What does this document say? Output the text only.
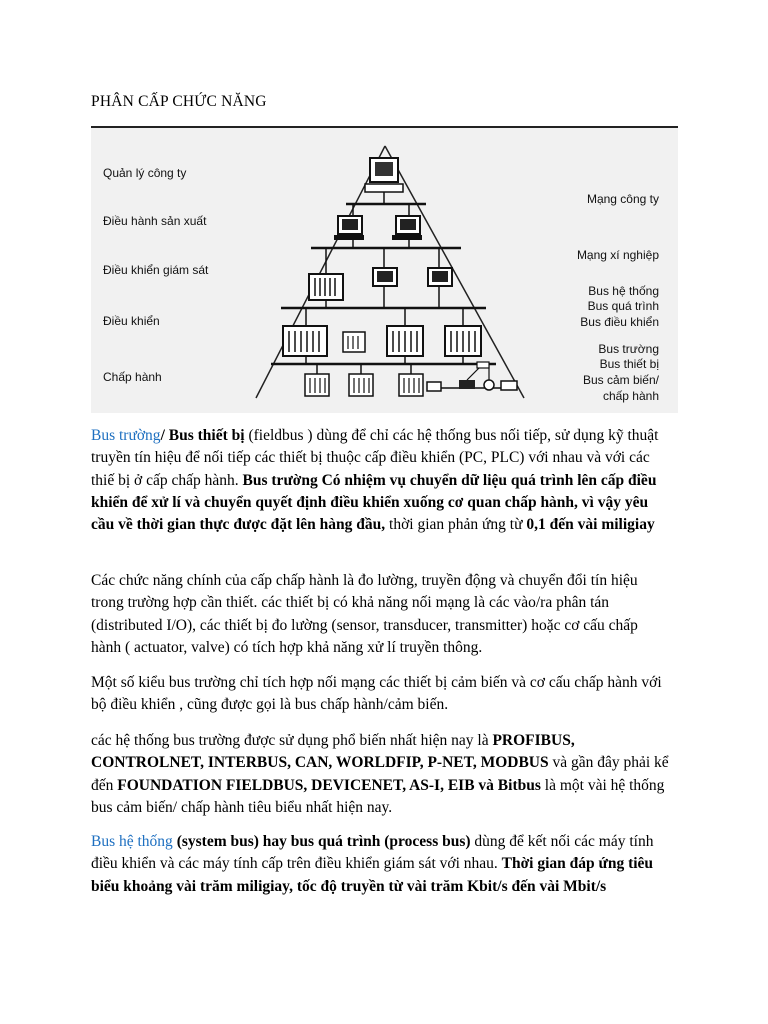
PHÂN CẤP CHỨC NĂNG
Quản lý công ty
Điều hành sản xuất
Điều khiển giám sát
Điều khiển
Chấp hành
Mạng công ty
Mạng xí nghiệp
Bus hệ thống
Bus quá trình
Bus điều khiển
Bus trường
Bus thiết bị
Bus cảm biến/
chấp hành

Bus trường/ Bus thiết bị (fieldbus ) dùng để chỉ các hệ thống bus nối tiếp, sử dụng kỹ thuật truyền tín hiệu để nối tiếp các thiết bị thuộc cấp điều khiển (PC, PLC) với nhau và với các thiế bị ở cấp chấp hành. Bus trường Có nhiệm vụ chuyển dữ liệu quá trình lên cấp điều khiển để xử lí và chuyển quyết định điều khiển xuống cơ quan chấp hành, vì vậy yêu cầu về thời gian thực được đặt lên hàng đầu, thời gian phản ứng từ 0,1 đến vài miligiay

Các chức năng chính của cấp chấp hành là đo lường, truyền động và chuyển đổi tín hiệu trong trường hợp cần thiết. các thiết bị có khả năng nối mạng là các vào/ra phân tán (distributed I/O), các thiết bị đo lường (sensor, transducer, transmitter) hoặc cơ cấu chấp hành ( actuator, valve) có tích hợp khả năng xử lí truyền thông.

Một số kiểu bus trường chỉ tích hợp nối mạng các thiết bị cảm biến và cơ cấu chấp hành với bộ điều khiển , cũng được gọi là bus chấp hành/cảm biến.

các hệ thống bus trường được sử dụng phổ biến nhất hiện nay là PROFIBUS, CONTROLNET, INTERBUS, CAN, WORLDFIP, P-NET, MODBUS và gần đây phải kể đến FOUNDATION FIELDBUS, DEVICENET, AS-I, EIB và Bitbus là một vài hệ thống bus cảm biến/ chấp hành tiêu biểu nhất hiện nay.

Bus hệ thống (system bus) hay bus quá trình (process bus) dùng để kết nối các máy tính điều khiển và các máy tính cấp trên điều khiển giám sát với nhau. Thời gian đáp ứng tiêu biểu khoảng vài trăm miligiay, tốc độ truyền từ vài trăm Kbit/s đến vài Mbit/s
